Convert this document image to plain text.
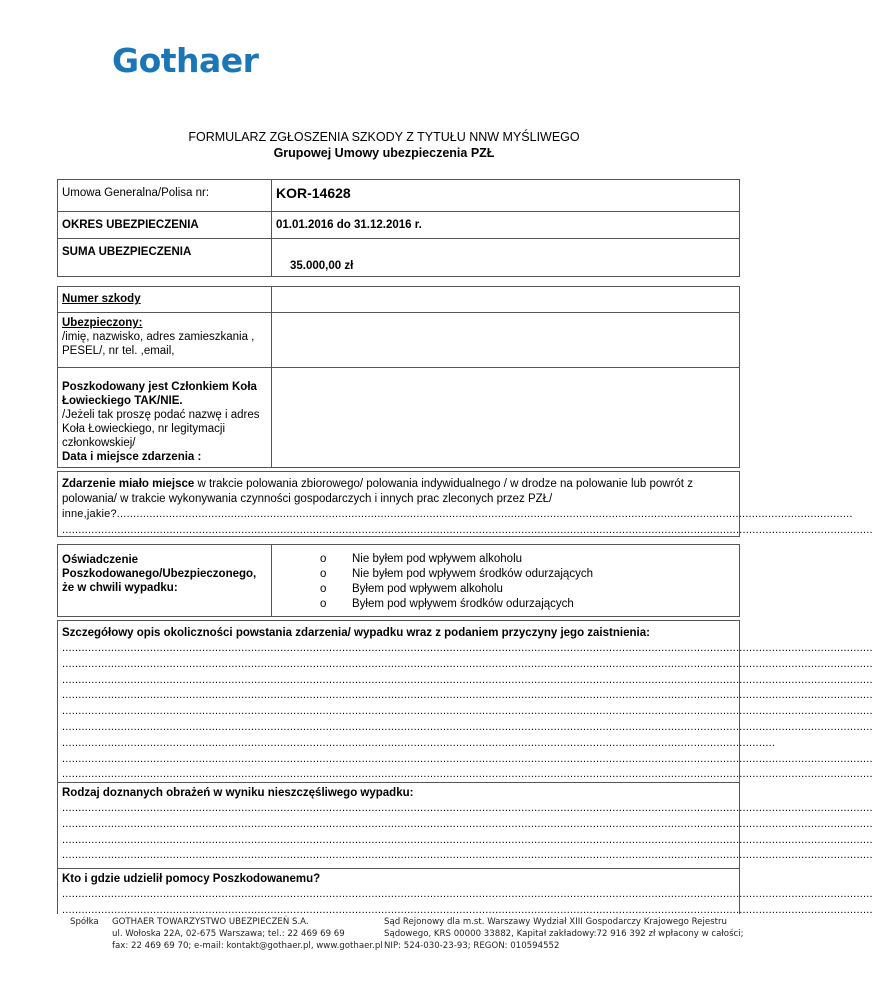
Gothaer
FORMULARZ ZGŁOSZENIA SZKODY Z TYTUŁU NNW MYŚLIWEGO
Grupowej Umowy ubezpieczenia PZŁ
Umowa Generalna/Polisa nr:	KOR-14628
OKRES UBEZPIECZENIA	01.01.2016 do 31.12.2016 r.
SUMA UBEZPIECZENIA	35.000,00 zł
Numer szkody	

Ubezpieczony:
/imię, nazwisko, adres zamieszkania , PESEL/, nr tel. ,email,	

Poszkodowany jest Członkiem Koła Łowieckiego TAK/NIE.
/Jeżeli tak proszę podać nazwę i adres Koła Łowieckiego, nr legitymacji członkowskiej/
Data i miejsce zdarzenia :	

Zdarzenie miało miejsce w trakcie polowania zbiorowego/ polowania indywidualnego / w drodze na polowanie lub powrót z polowania/ w trakcie wykonywania czynności gospodarczych i innych prac zleconych przez PZŁ/

inne,jakie?..................................................................................................................................................................................................................................
.........................................................................................................................................................................................................................................................
Oświadczenie Poszkodowanego/Ubezpieczonego, że w chwili wypadku:	
o	Nie byłem pod wpływem alkoholu
o	Nie byłem pod wpływem środków odurzających
o	Byłem pod wpływem alkoholu
o	Byłem pod wpływem środków odurzających

Szczegółowy opis okoliczności powstania zdarzenia/ wypadku wraz z podaniem przyczyny jego zaistnienia:

.........................................................................................................................................................................................................................................................
.........................................................................................................................................................................................................................................................
.........................................................................................................................................................................................................................................................
.........................................................................................................................................................................................................................................................
.........................................................................................................................................................................................................................................................
.........................................................................................................................................................................................................................................................
...........................................................................................................................................................................................................................
.........................................................................................................................................................................................................................................................
.........................................................................................................................................................................................................................................................

Rodzaj doznanych obrażeń w wyniku nieszczęśliwego wypadku:

.........................................................................................................................................................................................................................................................
.........................................................................................................................................................................................................................................................
.........................................................................................................................................................................................................................................................
.........................................................................................................................................................................................................................................................

Kto i gdzie udzielił pomocy Poszkodowanemu?

.........................................................................................................................................................................................................................................................
.........................................................................................................................................................................................................................................................
Spółka GOTHAER TOWARZYSTWO UBEZPIECZEŃ S.A.
ul. Wołoska 22A, 02-675 Warszawa; tel.: 22 469 69 69
fax: 22 469 69 70; e-mail: kontakt@gothaer.pl, www.gothaer.pl
Sąd Rejonowy dla m.st. Warszawy Wydział XIII Gospodarczy Krajowego Rejestru
Sądowego, KRS 00000 33882, Kapitał zakładowy:72 916 392 zł wpłacony w całości;
NIP: 524-030-23-93; REGON: 010594552
